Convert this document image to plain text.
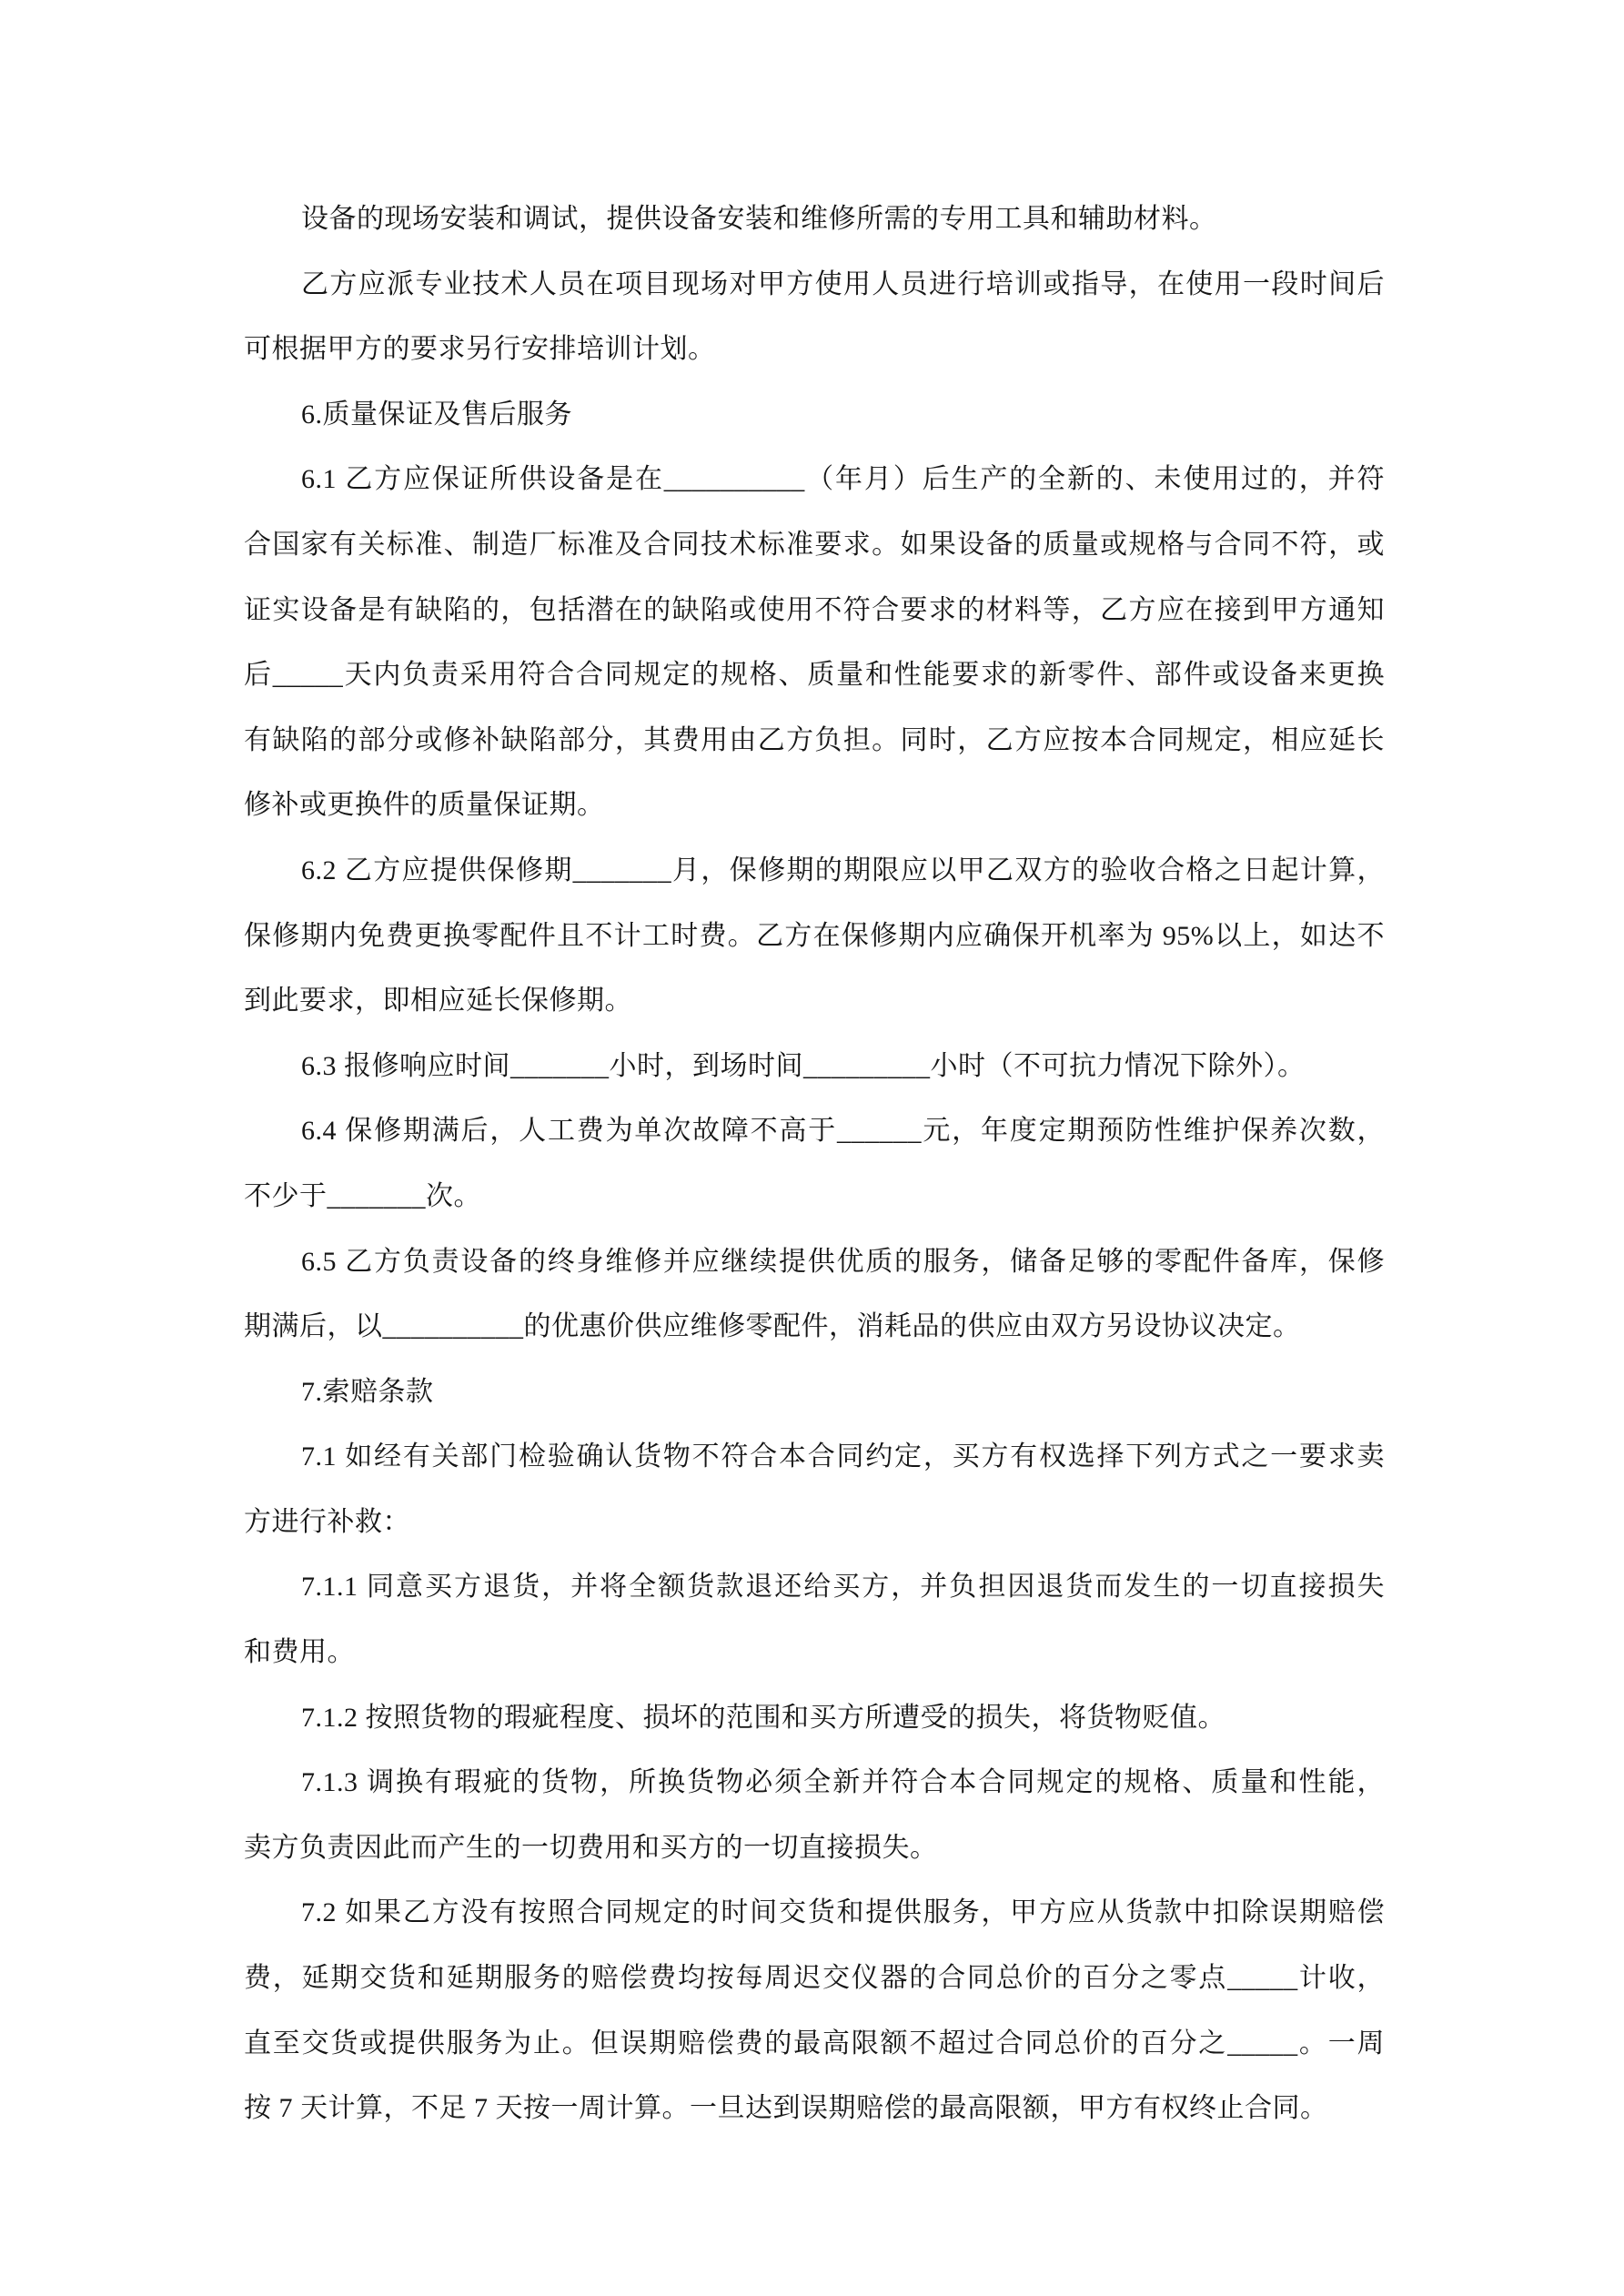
设备的现场安装和调试，提供设备安装和维修所需的专用工具和辅助材料。
乙方应派专业技术人员在项目现场对甲方使用人员进行培训或指导，在使用一段时间后
可根据甲方的要求另行安排培训计划。
6.质量保证及售后服务
6.1 乙方应保证所供设备是在__________（年月）后生产的全新的、未使用过的，并符
合国家有关标准、制造厂标准及合同技术标准要求。如果设备的质量或规格与合同不符，或
证实设备是有缺陷的，包括潜在的缺陷或使用不符合要求的材料等，乙方应在接到甲方通知
后_____天内负责采用符合合同规定的规格、质量和性能要求的新零件、部件或设备来更换
有缺陷的部分或修补缺陷部分，其费用由乙方负担。同时，乙方应按本合同规定，相应延长
修补或更换件的质量保证期。
6.2 乙方应提供保修期_______月，保修期的期限应以甲乙双方的验收合格之日起计算，
保修期内免费更换零配件且不计工时费。乙方在保修期内应确保开机率为 95%以上，如达不
到此要求，即相应延长保修期。
6.3 报修响应时间_______小时，到场时间_________小时（不可抗力情况下除外）。
6.4 保修期满后，人工费为单次故障不高于______元，年度定期预防性维护保养次数，
不少于_______次。
6.5 乙方负责设备的终身维修并应继续提供优质的服务，储备足够的零配件备库，保修
期满后，以__________的优惠价供应维修零配件，消耗品的供应由双方另设协议决定。
7.索赔条款
7.1 如经有关部门检验确认货物不符合本合同约定，买方有权选择下列方式之一要求卖
方进行补救：
7.1.1 同意买方退货，并将全额货款退还给买方，并负担因退货而发生的一切直接损失
和费用。
7.1.2 按照货物的瑕疵程度、损坏的范围和买方所遭受的损失，将货物贬值。
7.1.3 调换有瑕疵的货物，所换货物必须全新并符合本合同规定的规格、质量和性能，
卖方负责因此而产生的一切费用和买方的一切直接损失。
7.2 如果乙方没有按照合同规定的时间交货和提供服务，甲方应从货款中扣除误期赔偿
费，延期交货和延期服务的赔偿费均按每周迟交仪器的合同总价的百分之零点_____计收，
直至交货或提供服务为止。但误期赔偿费的最高限额不超过合同总价的百分之_____。一周
按 7 天计算，不足 7 天按一周计算。一旦达到误期赔偿的最高限额，甲方有权终止合同。
